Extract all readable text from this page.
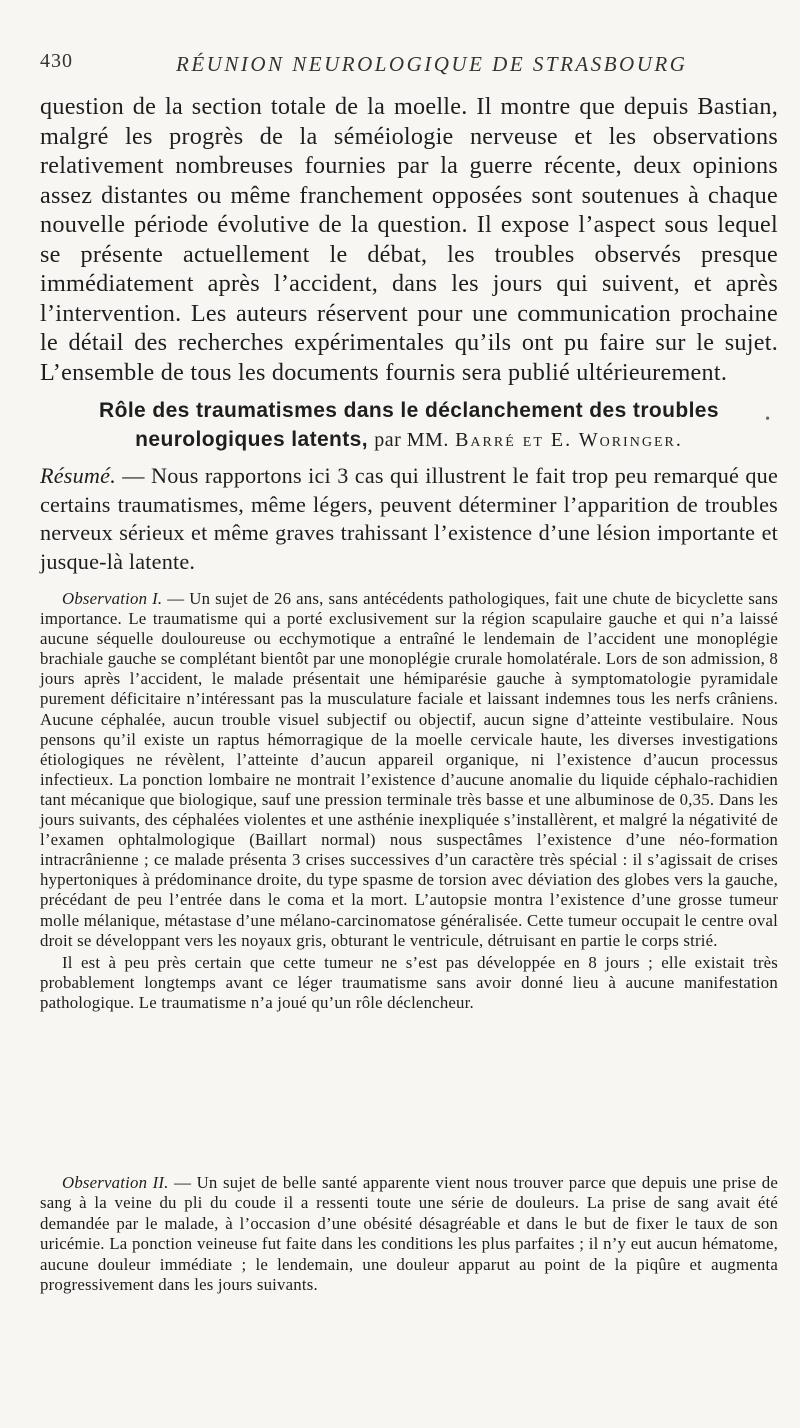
430	RÉUNION NEUROLOGIQUE DE STRASBOURG
question de la section totale de la moelle. Il montre que depuis Bastian, malgré les progrès de la séméiologie nerveuse et les observations relativement nombreuses fournies par la guerre récente, deux opinions assez distantes ou même franchement opposées sont soutenues à chaque nouvelle période évolutive de la question. Il expose l’aspect sous lequel se présente actuellement le débat, les troubles observés presque immédiatement après l’accident, dans les jours qui suivent, et après l’intervention. Les auteurs réservent pour une communication prochaine le détail des recherches expérimentales qu’ils ont pu faire sur le sujet. L’ensemble de tous les documents fournis sera publié ultérieurement.
Rôle des traumatismes dans le déclanchement des troubles neurologiques latents, par MM. Barré et E. Woringer.
•
Résumé. — Nous rapportons ici 3 cas qui illustrent le fait trop peu remarqué que certains traumatismes, même légers, peuvent déterminer l’apparition de troubles nerveux sérieux et même graves trahissant l’existence d’une lésion importante et jusque-là latente.

Observation I. — Un sujet de 26 ans, sans antécédents pathologiques, fait une chute de bicyclette sans importance. Le traumatisme qui a porté exclusivement sur la région scapulaire gauche et qui n’a laissé aucune séquelle douloureuse ou ecchymotique a entraîné le lendemain de l’accident une monoplégie brachiale gauche se complétant bientôt par une monoplégie crurale homolatérale. Lors de son admission, 8 jours après l’accident, le malade présentait une hémiparésie gauche à symptomatologie pyramidale purement déficitaire n’intéressant pas la musculature faciale et laissant indemnes tous les nerfs crâniens. Aucune céphalée, aucun trouble visuel subjectif ou objectif, aucun signe d’atteinte vestibulaire. Nous pensons qu’il existe un raptus hémorragique de la moelle cervicale haute, les diverses investigations étiologiques ne révèlent, l’atteinte d’aucun appareil organique, ni l’existence d’aucun processus infectieux. La ponction lombaire ne montrait l’existence d’aucune anomalie du liquide céphalo-rachidien tant mécanique que biologique, sauf une pression terminale très basse et une albuminose de 0,35. Dans les jours suivants, des céphalées violentes et une asthénie inexpliquée s’installèrent, et malgré la négativité de l’examen ophtalmologique (Baillart normal) nous suspectâmes l’existence d’une néo-formation intracrânienne ; ce malade présenta 3 crises successives d’un caractère très spécial : il s’agissait de crises hypertoniques à prédominance droite, du type spasme de torsion avec déviation des globes vers la gauche, précédant de peu l’entrée dans le coma et la mort. L’autopsie montra l’existence d’une grosse tumeur molle mélanique, métastase d’une mélano-carcinomatose généralisée. Cette tumeur occupait le centre oval droit se développant vers les noyaux gris, obturant le ventricule, détruisant en partie le corps strié.

Il est à peu près certain que cette tumeur ne s’est pas développée en 8 jours ; elle existait très probablement longtemps avant ce léger traumatisme sans avoir donné lieu à aucune manifestation pathologique. Le traumatisme n’a joué qu’un rôle déclencheur.

Observation II. — Un sujet de belle santé apparente vient nous trouver parce que depuis une prise de sang à la veine du pli du coude il a ressenti toute une série de douleurs. La prise de sang avait été demandée par le malade, à l’occasion d’une obésité désagréable et dans le but de fixer le taux de son uricémie. La ponction veineuse fut faite dans les conditions les plus parfaites ; il n’y eut aucun hématome, aucune douleur immédiate ; le lendemain, une douleur apparut au point de la piqûre et augmenta progressivement dans les jours suivants.
